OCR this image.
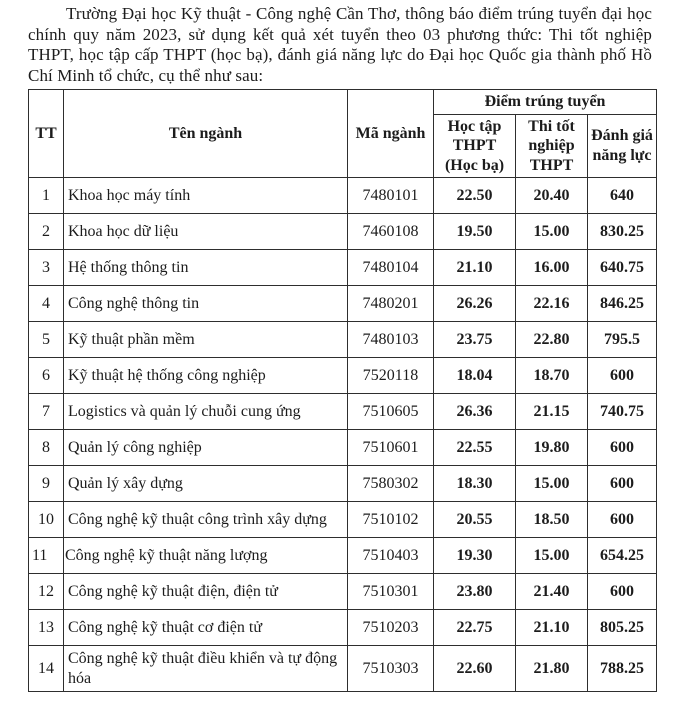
Trường Đại học Kỹ thuật - Công nghệ Cần Thơ, thông báo điểm trúng tuyển đại học chính quy năm 2023, sử dụng kết quả xét tuyển theo 03 phương thức: Thi tốt nghiệp THPT, học tập cấp THPT (học bạ), đánh giá năng lực do Đại học Quốc gia thành phố Hồ Chí Minh tổ chức, cụ thể như sau:

TT	Tên ngành	Mã ngành	Điểm trúng tuyển		
			Học tập THPT (Học bạ)	Thi tốt nghiệp THPT	Đánh giá năng lực
1	Khoa học máy tính	7480101	22.50	20.40	640
2	Khoa học dữ liệu	7460108	19.50	15.00	830.25
3	Hệ thống thông tin	7480104	21.10	16.00	640.75
4	Công nghệ thông tin	7480201	26.26	22.16	846.25
5	Kỹ thuật phần mềm	7480103	23.75	22.80	795.5
6	Kỹ thuật hệ thống công nghiệp	7520118	18.04	18.70	600
7	Logistics và quản lý chuỗi cung ứng	7510605	26.36	21.15	740.75
8	Quản lý công nghiệp	7510601	22.55	19.80	600
9	Quản lý xây dựng	7580302	18.30	15.00	600
10	Công nghệ kỹ thuật công trình xây dựng	7510102	20.55	18.50	600
11	Công nghệ kỹ thuật năng lượng	7510403	19.30	15.00	654.25
12	Công nghệ kỹ thuật điện, điện tử	7510301	23.80	21.40	600
13	Công nghệ kỹ thuật cơ điện tử	7510203	22.75	21.10	805.25
14	Công nghệ kỹ thuật điều khiển và tự động hóa	7510303	22.60	21.80	788.25
